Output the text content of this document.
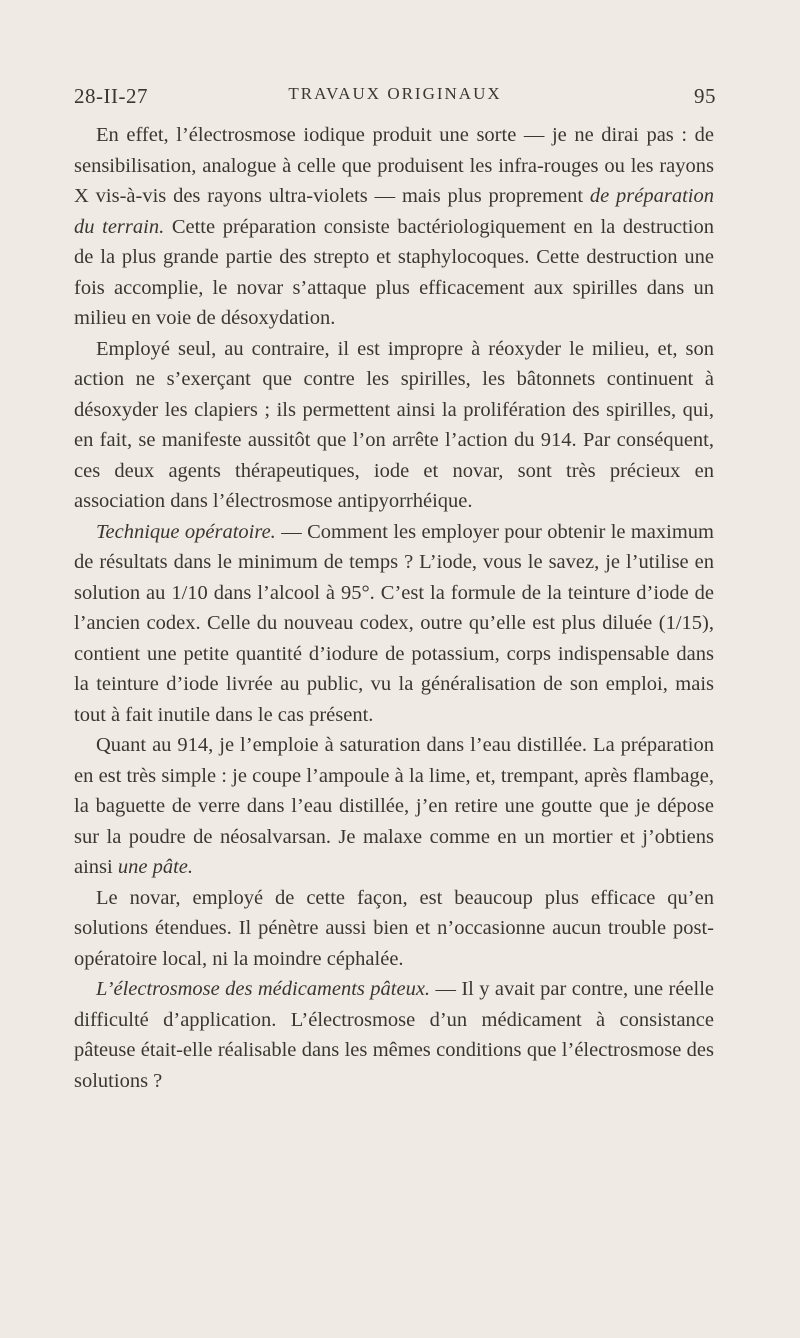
28-II-27	TRAVAUX ORIGINAUX	95

En effet, l’électrosmose iodique produit une sorte — je ne dirai pas : de sensibilisation, analogue à celle que produisent les infra-rouges ou les rayons X vis-à-vis des rayons ultra-violets — mais plus proprement de préparation du terrain. Cette préparation consiste bactériologiquement en la destruction de la plus grande partie des strepto et staphylocoques. Cette destruction une fois accomplie, le novar s’attaque plus efficacement aux spirilles dans un milieu en voie de désoxydation.

Employé seul, au contraire, il est impropre à réoxyder le milieu, et, son action ne s’exerçant que contre les spirilles, les bâtonnets continuent à désoxyder les clapiers ; ils permettent ainsi la prolifération des spirilles, qui, en fait, se manifeste aussitôt que l’on arrête l’action du 914. Par conséquent, ces deux agents thérapeutiques, iode et novar, sont très précieux en association dans l’électrosmose antipyorrhéique.

Technique opératoire. — Comment les employer pour obtenir le maximum de résultats dans le minimum de temps ? L’iode, vous le savez, je l’utilise en solution au 1/10 dans l’alcool à 95°. C’est la formule de la teinture d’iode de l’ancien codex. Celle du nouveau codex, outre qu’elle est plus diluée (1/15), contient une petite quantité d’iodure de potassium, corps indispensable dans la teinture d’iode livrée au public, vu la généralisation de son emploi, mais tout à fait inutile dans le cas présent.

Quant au 914, je l’emploie à saturation dans l’eau distillée. La préparation en est très simple : je coupe l’ampoule à la lime, et, trempant, après flambage, la baguette de verre dans l’eau distillée, j’en retire une goutte que je dépose sur la poudre de néosalvarsan. Je malaxe comme en un mortier et j’obtiens ainsi une pâte.

Le novar, employé de cette façon, est beaucoup plus efficace qu’en solutions étendues. Il pénètre aussi bien et n’occasionne aucun trouble post-opératoire local, ni la moindre céphalée.

L’électrosmose des médicaments pâteux. — Il y avait par contre, une réelle difficulté d’application. L’électrosmose d’un médicament à consistance pâteuse était-elle réalisable dans les mêmes conditions que l’électrosmose des solutions ?
